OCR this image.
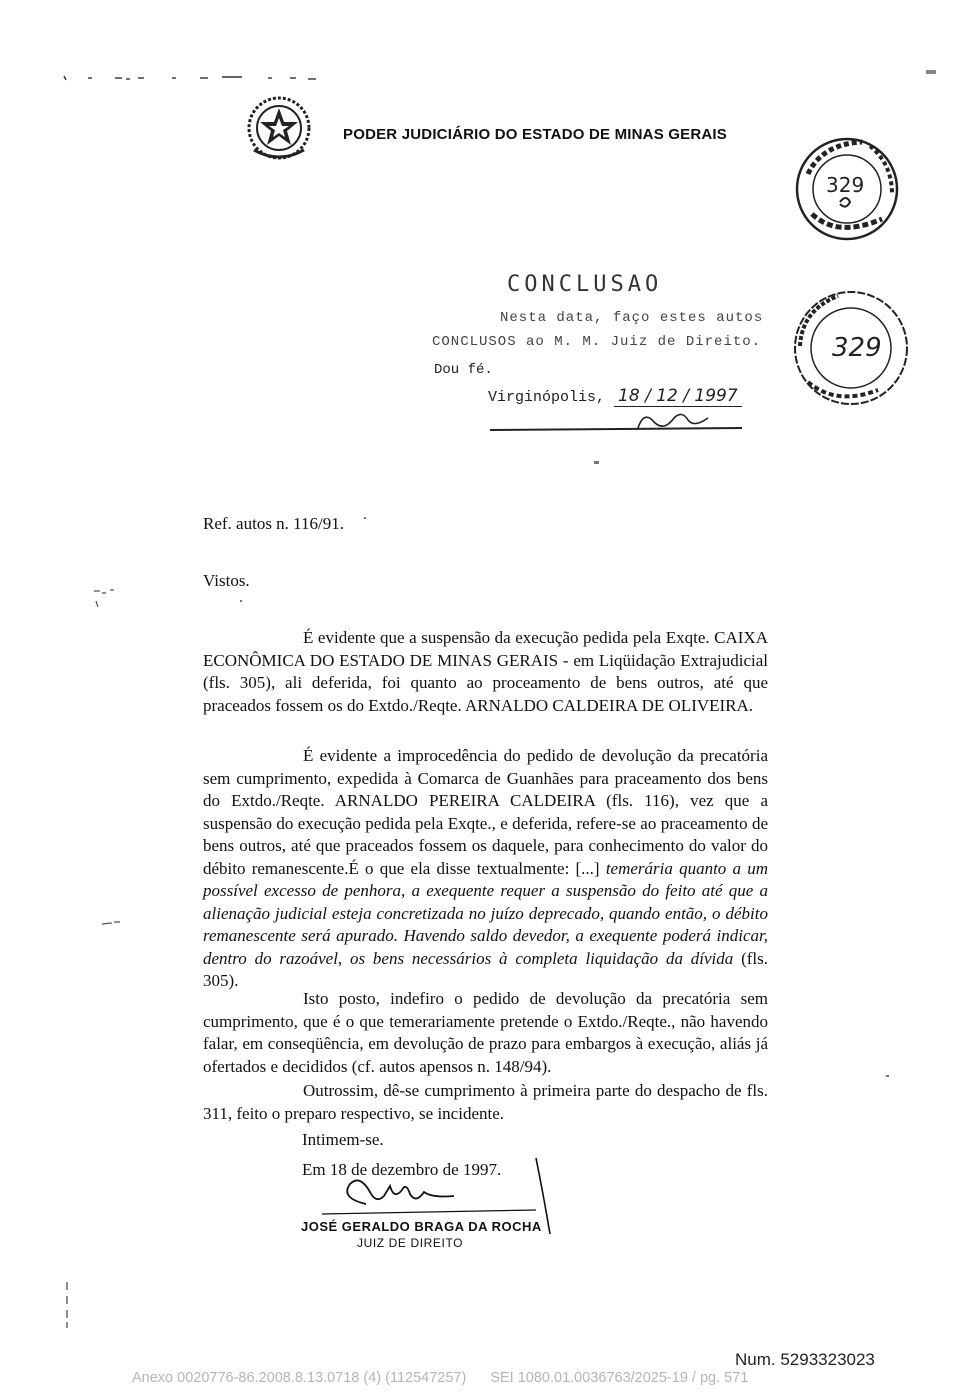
PODER JUDICIÁRIO DO ESTADO DE MINAS GERAIS
329
CONCLUSAO
Nesta data, faço estes autos
CONCLUSOS ao M. M. Juiz de Direito.
Dou fé.
Virginópolis, 18 / 12 / 1997
329
Ref. autos n. 116/91.
Vistos.
É evidente que a suspensão da execução pedida pela Exqte. CAIXA ECONÔMICA DO ESTADO DE MINAS GERAIS - em Liqüidação Extrajudicial (fls. 305), ali deferida, foi quanto ao proceamento de bens outros, até que praceados fossem os do Extdo./Reqte. ARNALDO CALDEIRA DE OLIVEIRA.
É evidente a improcedência do pedido de devolução da precatória sem cumprimento, expedida à Comarca de Guanhães para praceamento dos bens do Extdo./Reqte. ARNALDO PEREIRA CALDEIRA (fls. 116), vez que a suspensão do execução pedida pela Exqte., e deferida, refere-se ao praceamento de bens outros, até que praceados fossem os daquele, para conhecimento do valor do débito remanescente.É o que ela disse textualmente: [...] temerária quanto a um possível excesso de penhora, a exequente requer a suspensão do feito até que a alienação judicial esteja concretizada no juízo deprecado, quando então, o débito remanescente será apurado. Havendo saldo devedor, a exequente poderá indicar, dentro do razoável, os bens necessários à completa liquidação da dívida (fls. 305).
Isto posto, indefiro o pedido de devolução da precatória sem cumprimento, que é o que temerariamente pretende o Extdo./Reqte., não havendo falar, em conseqüência, em devolução de prazo para embargos à execução, aliás já ofertados e decididos (cf. autos apensos n. 148/94).
Outrossim, dê-se cumprimento à primeira parte do despacho de fls. 311, feito o preparo respectivo, se incidente.
Intimem-se.
Em 18 de dezembro de 1997.
JOSÉ GERALDO BRAGA DA ROCHA
JUIZ DE DIREITO
Num. 5293323023
Anexo 0020776-86.2008.8.13.0718 (4) (112547257) SEI 1080.01.0036763/2025-19 / pg. 571
